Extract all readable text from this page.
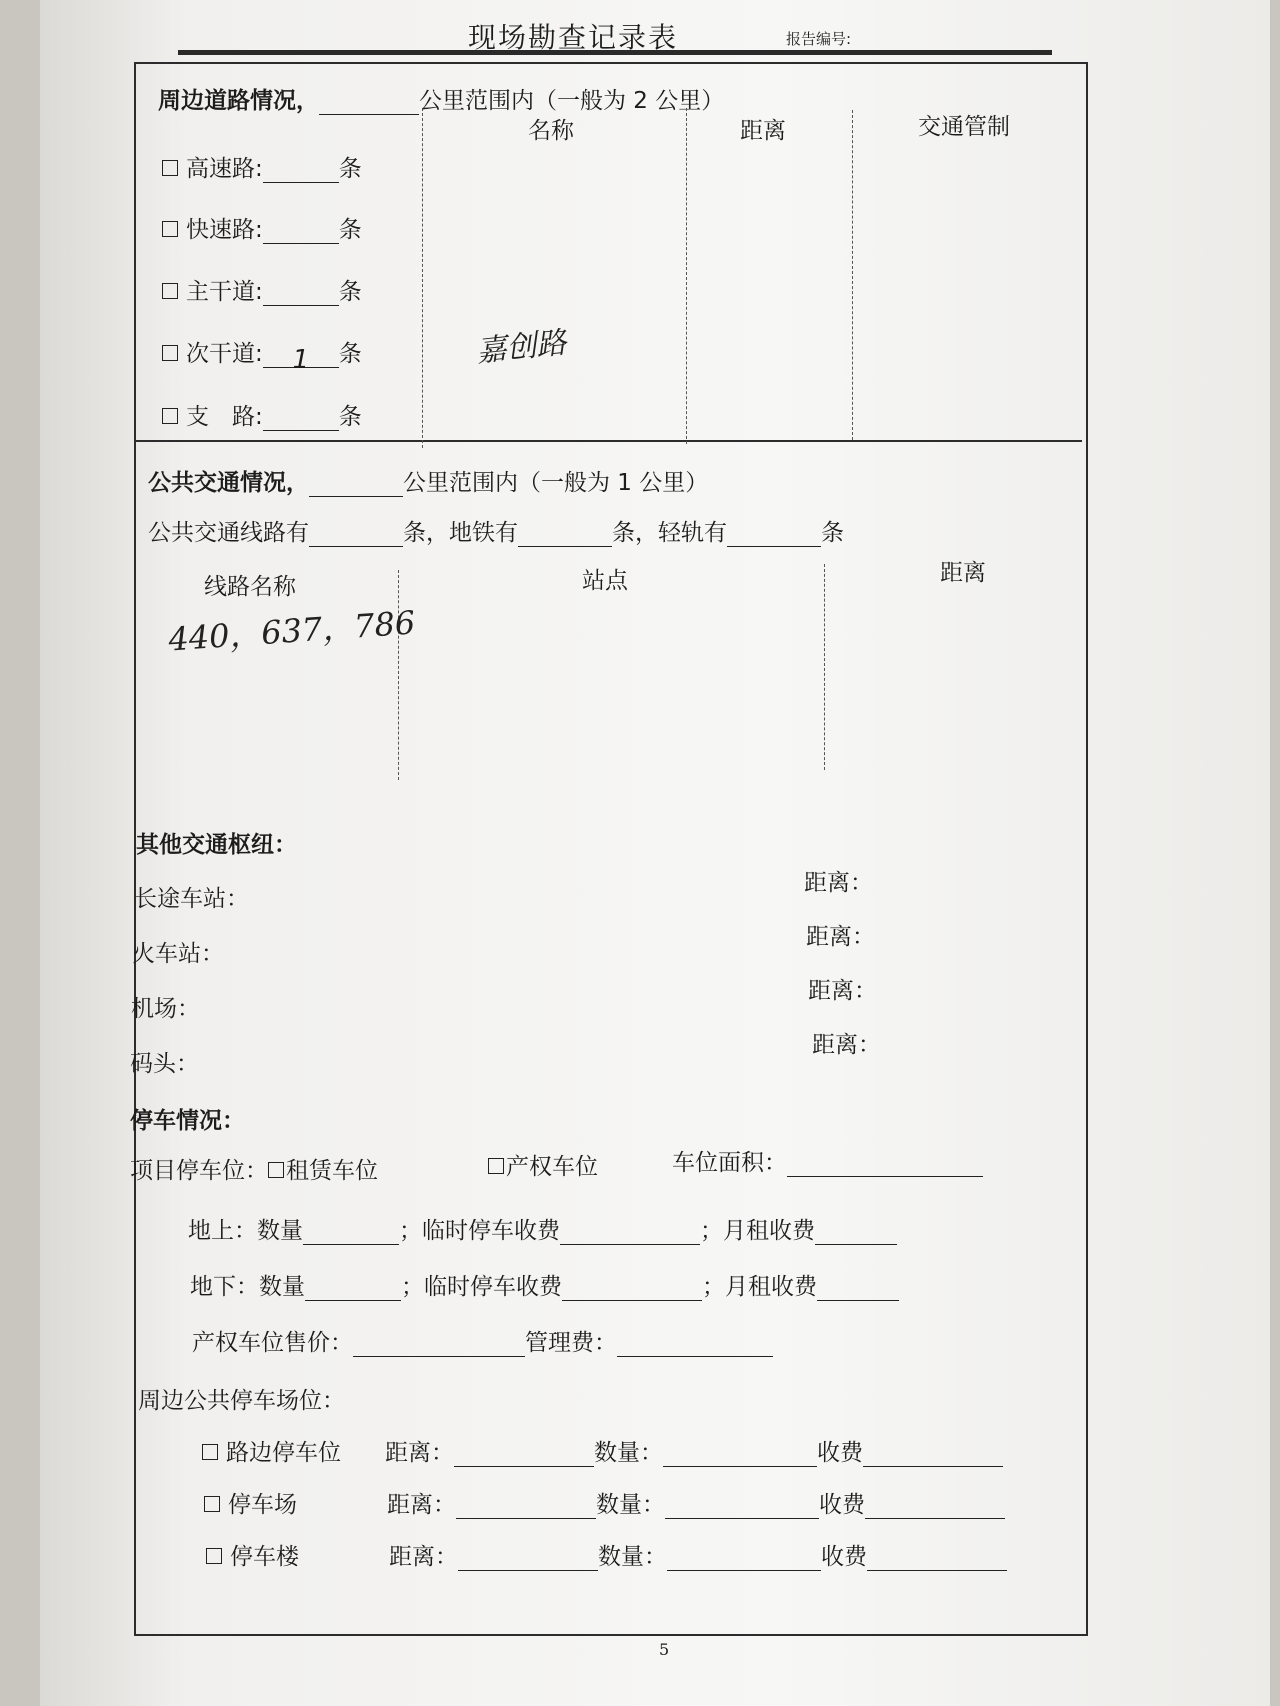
现场勘查记录表	报告编号:
周边道路情况，	公里范围内（一般为 2 公里）
名称	距离	交通管制
高速路:	条
快速路:	条
主干道:	条
次干道: 1 条
支　路:	条
嘉创路
公共交通情况，	公里范围内（一般为 1 公里）
公共交通线路有	条，地铁有	条，轻轨有	条
线路名称	站点	距离
440，637，786
其他交通枢纽：
长途车站：
距离：
火车站：
距离：
机场：
距离：
码头：
距离：
停车情况：
项目停车位： 租赁车位	产权车位	车位面积：
地上：数量	；临时停车收费	；月租收费
地下：数量	；临时停车收费	；月租收费
产权车位售价：	管理费：
周边公共停车场位：
路边停车位 距离：	数量：	收费
停车场	距离：	数量：	收费
停车楼	距离：	数量：	收费
5
